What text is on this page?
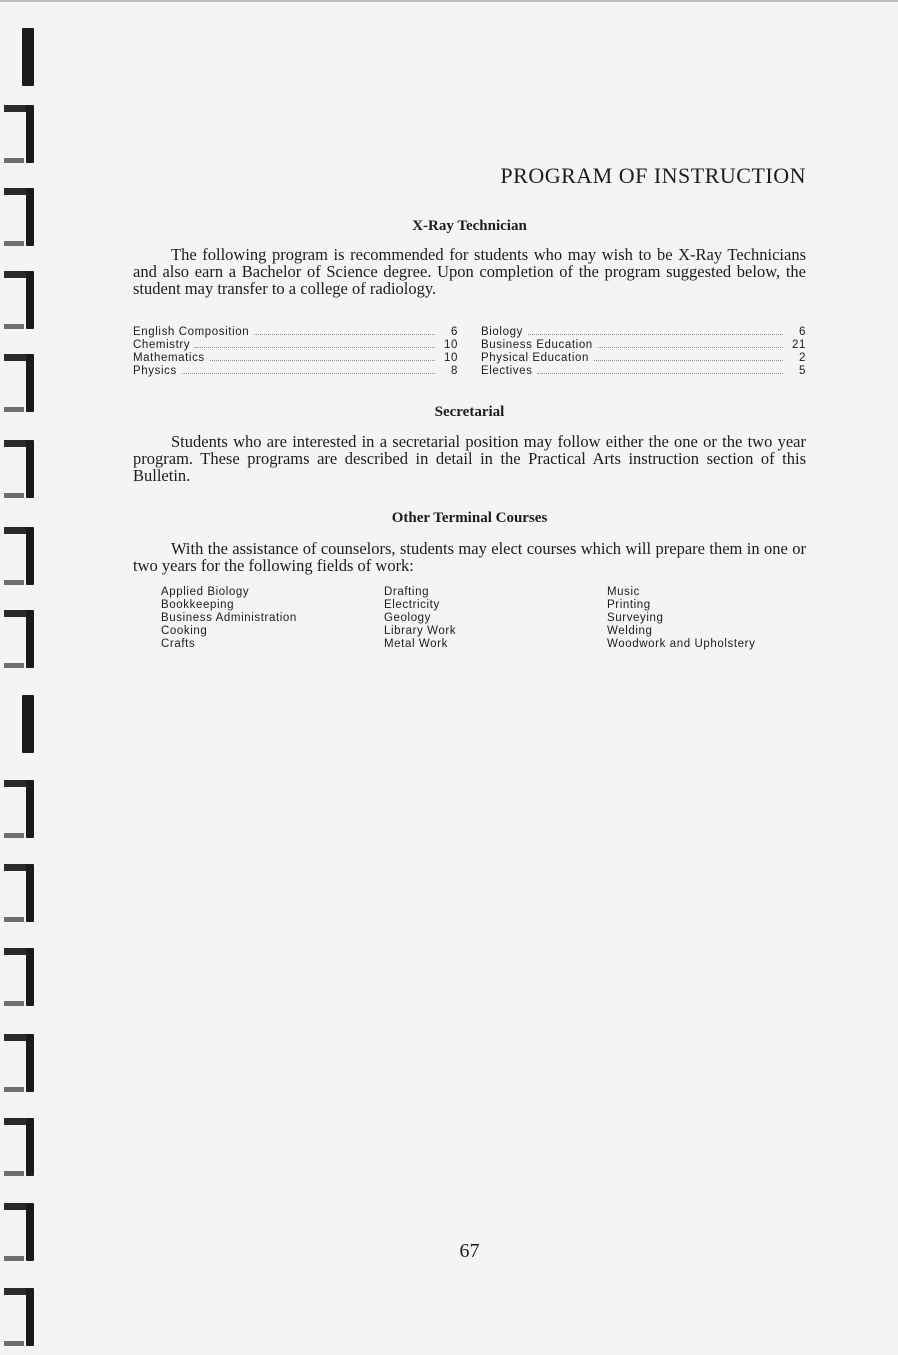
PROGRAM OF INSTRUCTION
X-Ray Technician

The following program is recommended for students who may wish to be X-Ray Technicians and also earn a Bachelor of Science degree. Upon completion of the program suggested below, the student may transfer to a college of radiology.

English Composition	6
Chemistry	10
Mathematics	10
Physics	8
Biology	6
Business Education	21
Physical Education	2
Electives	5
Secretarial

Students who are interested in a secretarial position may follow either the one or the two year program. These programs are described in detail in the Practical Arts instruction section of this Bulletin.

Other Terminal Courses

With the assistance of counselors, students may elect courses which will prepare them in one or two years for the following fields of work:

Applied Biology
Bookkeeping
Business Administration
Cooking
Crafts
Drafting
Electricity
Geology
Library Work
Metal Work
Music
Printing
Surveying
Welding
Woodwork and Upholstery
67
